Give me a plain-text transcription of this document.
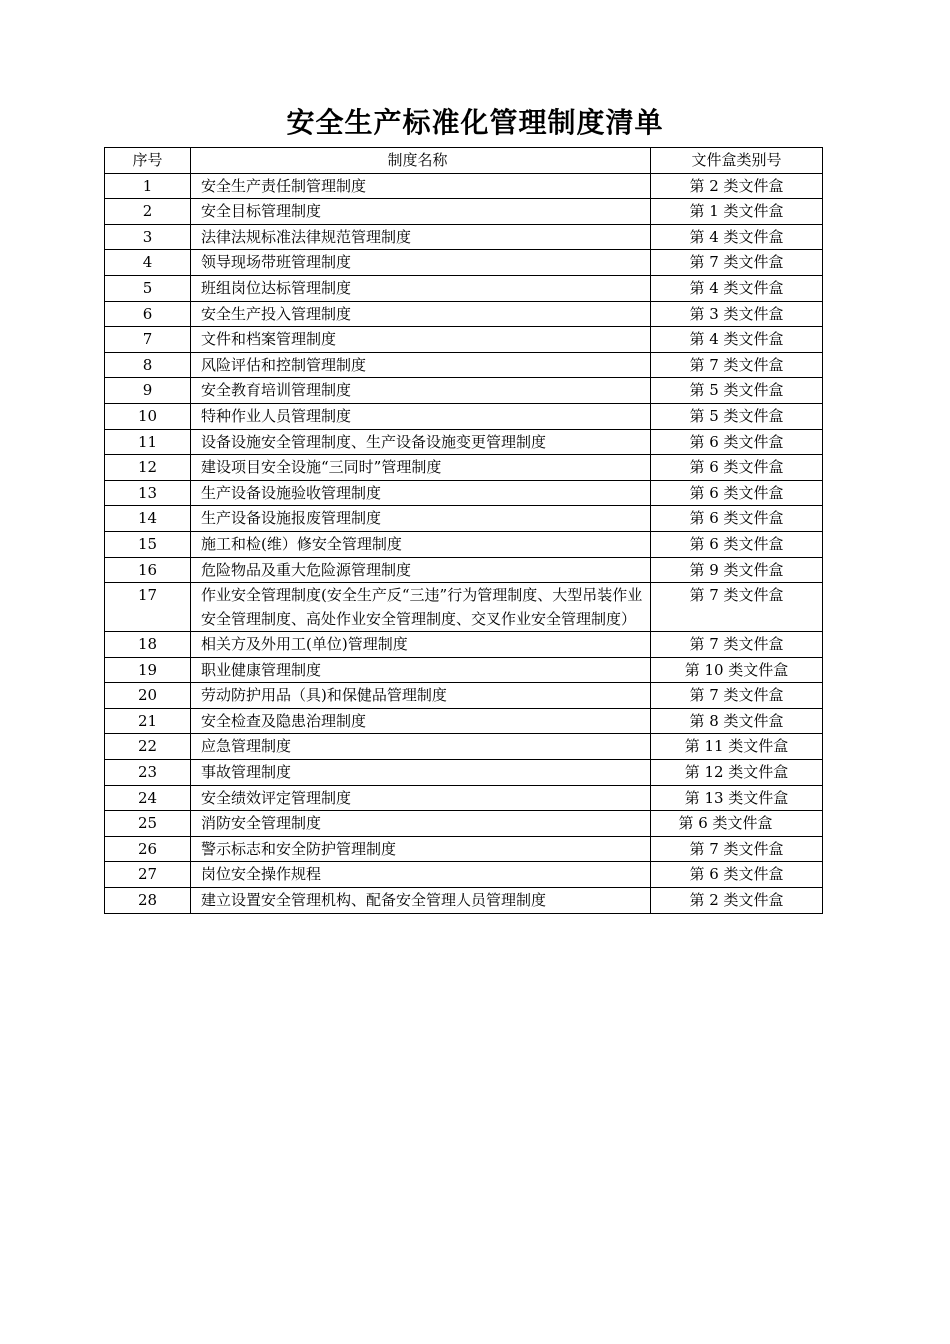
安全生产标准化管理制度清单
序号	制度名称	文件盒类别号
1	安全生产责任制管理制度	第 2 类文件盒
2	安全目标管理制度	第 1 类文件盒
3	法律法规标准法律规范管理制度	第 4 类文件盒
4	领导现场带班管理制度	第 7 类文件盒
5	班组岗位达标管理制度	第 4 类文件盒
6	安全生产投入管理制度	第 3 类文件盒
7	文件和档案管理制度	第 4 类文件盒
8	风险评估和控制管理制度	第 7 类文件盒
9	安全教育培训管理制度	第 5 类文件盒
10	特种作业人员管理制度	第 5 类文件盒
11	设备设施安全管理制度、生产设备设施变更管理制度	第 6 类文件盒
12	建设项目安全设施“三同时”管理制度	第 6 类文件盒
13	生产设备设施验收管理制度	第 6 类文件盒
14	生产设备设施报废管理制度	第 6 类文件盒
15	施工和检(维）修安全管理制度	第 6 类文件盒
16	危险物品及重大危险源管理制度	第 9 类文件盒
17	作业安全管理制度(安全生产反“三违”行为管理制度、大型吊装作业安全管理制度、高处作业安全管理制度、交叉作业安全管理制度）	第 7 类文件盒
18	相关方及外用工(单位)管理制度	第 7 类文件盒
19	职业健康管理制度	第 10 类文件盒
20	劳动防护用品（具)和保健品管理制度	第 7 类文件盒
21	安全检查及隐患治理制度	第 8 类文件盒
22	应急管理制度	第 11 类文件盒
23	事故管理制度	第 12 类文件盒
24	安全绩效评定管理制度	第 13 类文件盒
25	消防安全管理制度	第 6 类文件盒
26	警示标志和安全防护管理制度	第 7 类文件盒
27	岗位安全操作规程	第 6 类文件盒
28	建立设置安全管理机构、配备安全管理人员管理制度	第 2 类文件盒
